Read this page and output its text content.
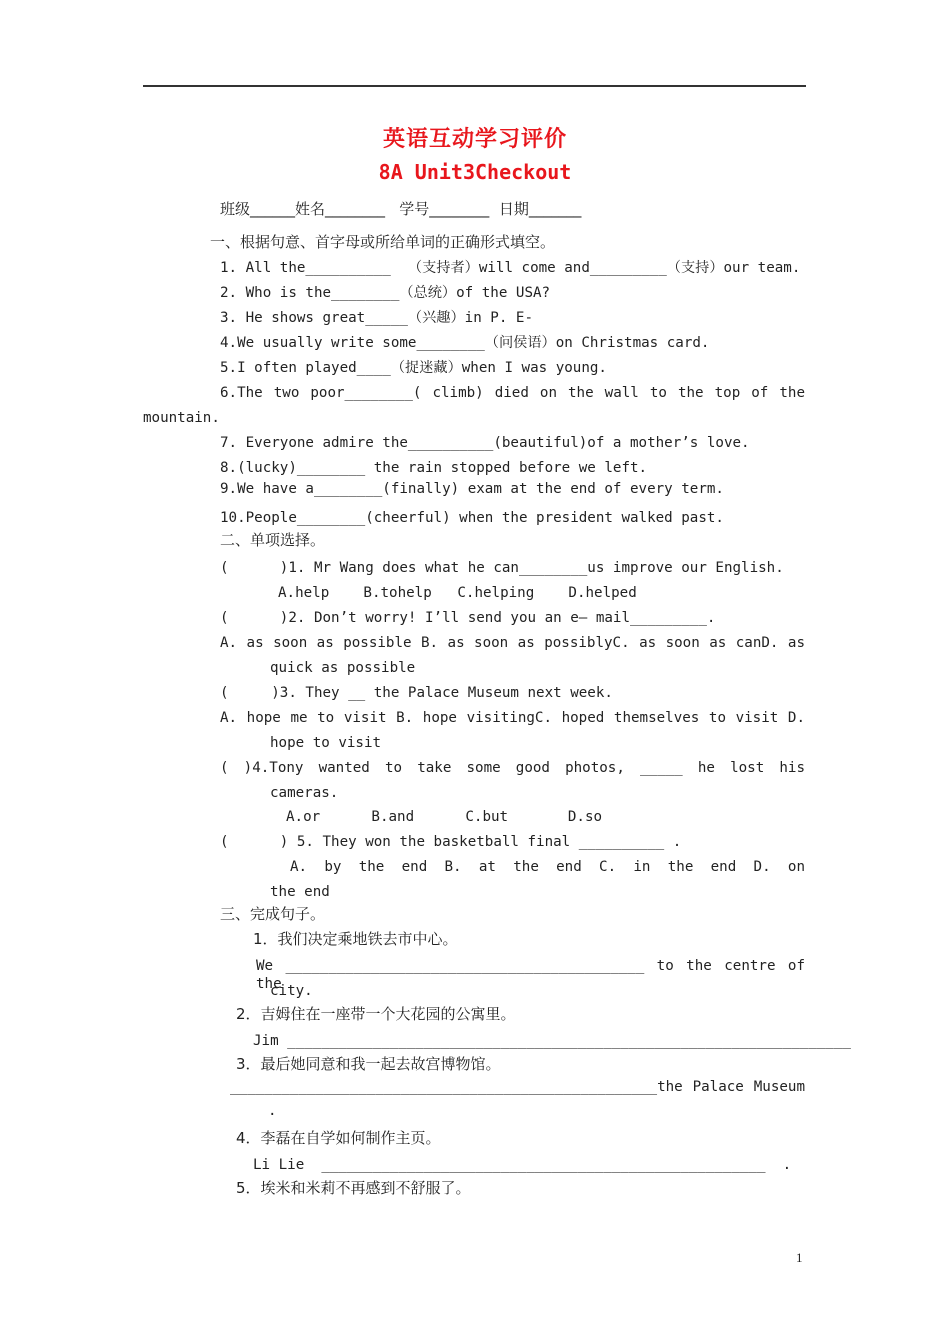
英语互动学习评价
8A Unit3Checkout
班级______姓名________   学号________  日期_______
一、根据句意、首字母或所给单词的正确形式填空。
1. All the__________  （支持者）will come and_________（支持）our team.
2. Who is the________（总统）of the USA?
3. He shows great_____（兴趣）in P. E-
4.We usually write some________（问侯语）on Christmas card.
5.I often played____（捉迷藏）when I was young.
6.The two poor________( climb) died on the wall to the top of the
mountain.
7. Everyone admire the__________(beautiful)of a mother’s love.
8.(lucky)________ the rain stopped before we left.
9.We have a________(finally) exam at the end of every term.
10.People________(cheerful) when the president walked past.
二、单项选择。
(      )1. Mr Wang does what he can________us improve our English.
A.help    B.tohelp   C.helping    D.helped
(      )2. Don’t worry! I’ll send you an e— mail_________.
A. as soon as possible B. as soon as possiblyC. as soon as canD. as
quick as possible
(     )3. They __ the Palace Museum next week.
A. hope me to visit B. hope visitingC. hoped themselves to visit D.
hope to visit
( )4.Tony wanted to take some good photos, _____ he lost his
cameras.
A.or      B.and      C.but       D.so
(      ) 5. They won the basketball final __________ .
A. by the end B. at the end C. in the end D. on
the end
三、完成句子。
1．我们决定乘地铁去市中心。
We __________________________________________ to the centre of the
city.
2．吉姆住在一座带一个大花园的公寓里。
Jim __________________________________________________________________
3．最后她同意和我一起去故宫博物馆。
__________________________________________________the Palace Museum
.
4．李磊在自学如何制作主页。
Li Lie  ____________________________________________________  .
5．埃米和米莉不再感到不舒服了。
1
